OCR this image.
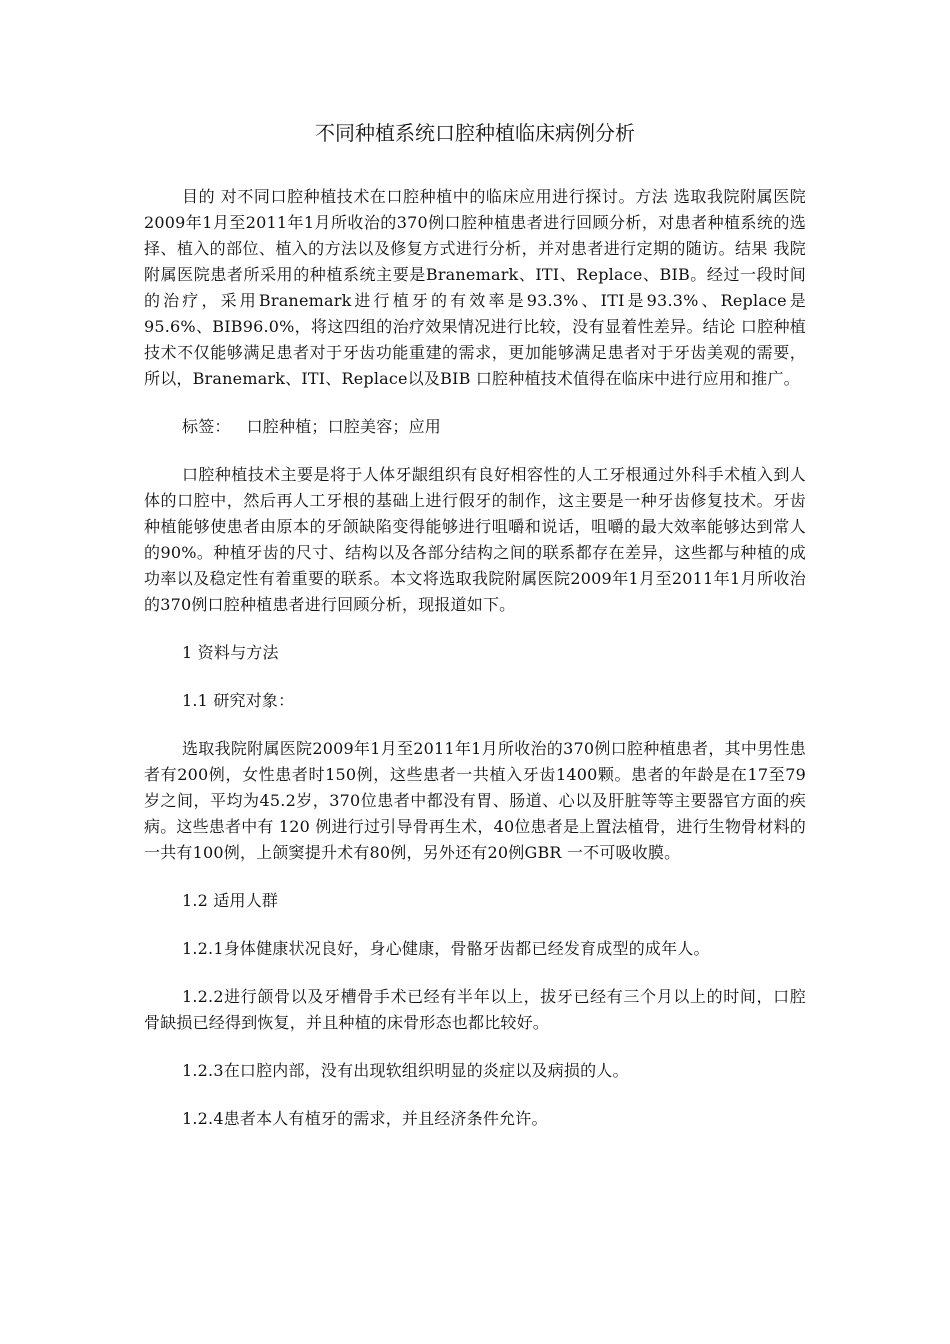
不同种植系统口腔种植临床病例分析

目的 对不同口腔种植技术在口腔种植中的临床应用进行探讨。方法 选取我院附属医院2009年1月至2011年1月所收治的370例口腔种植患者进行回顾分析，对患者种植系统的选择、植入的部位、植入的方法以及修复方式进行分析，并对患者进行定期的随访。结果 我院附属医院患者所采用的种植系统主要是Branemark、ITI、Replace、BIB。经过一段时间的治疗，采用Branemark进行植牙的有效率是93.3%、ITI是93.3%、Replace是95.6%、BIB96.0%，将这四组的治疗效果情况进行比较，没有显着性差异。结论 口腔种植技术不仅能够满足患者对于牙齿功能重建的需求，更加能够满足患者对于牙齿美观的需要，所以，Branemark、ITI、Replace以及BIB 口腔种植技术值得在临床中进行应用和推广。

标签： 口腔种植；口腔美容；应用

口腔种植技术主要是将于人体牙龈组织有良好相容性的人工牙根通过外科手术植入到人体的口腔中，然后再人工牙根的基础上进行假牙的制作，这主要是一种牙齿修复技术。牙齿种植能够使患者由原本的牙颌缺陷变得能够进行咀嚼和说话，咀嚼的最大效率能够达到常人的90%。种植牙齿的尺寸、结构以及各部分结构之间的联系都存在差异，这些都与种植的成功率以及稳定性有着重要的联系。本文将选取我院附属医院2009年1月至2011年1月所收治的370例口腔种植患者进行回顾分析，现报道如下。

1 资料与方法

1.1 研究对象：

选取我院附属医院2009年1月至2011年1月所收治的370例口腔种植患者，其中男性患者有200例，女性患者时150例，这些患者一共植入牙齿1400颗。患者的年龄是在17至79岁之间，平均为45.2岁，370位患者中都没有胃、肠道、心以及肝脏等等主要器官方面的疾病。这些患者中有 120 例进行过引导骨再生术，40位患者是上置法植骨，进行生物骨材料的一共有100例，上颌窦提升术有80例，另外还有20例GBR 一不可吸收膜。

1.2 适用人群

1.2.1身体健康状况良好，身心健康，骨骼牙齿都已经发育成型的成年人。

1.2.2进行颌骨以及牙槽骨手术已经有半年以上，拔牙已经有三个月以上的时间，口腔骨缺损已经得到恢复，并且种植的床骨形态也都比较好。

1.2.3在口腔内部，没有出现软组织明显的炎症以及病损的人。

1.2.4患者本人有植牙的需求，并且经济条件允许。
